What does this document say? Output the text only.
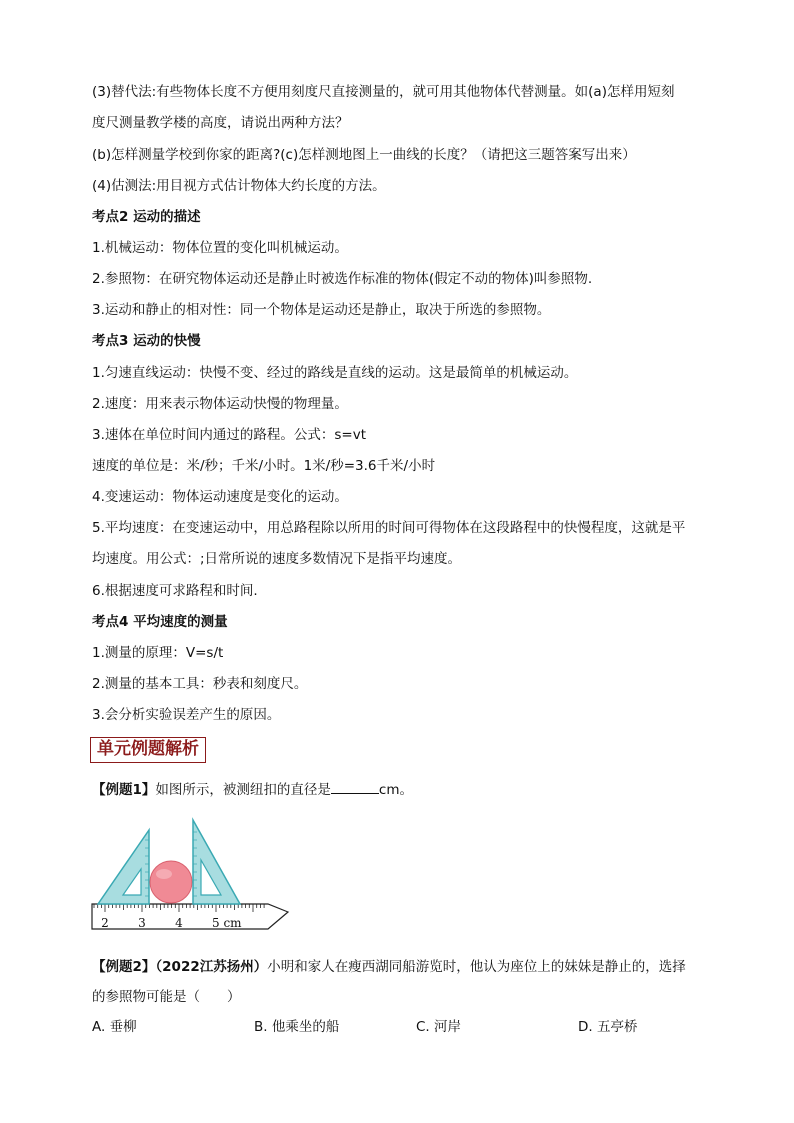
(3)替代法:有些物体长度不方便用刻度尺直接测量的，就可用其他物体代替测量。如(a)怎样用短刻
度尺测量教学楼的高度，请说出两种方法？
(b)怎样测量学校到你家的距离?(c)怎样测地图上一曲线的长度？（请把这三题答案写出来）
(4)估测法:用目视方式估计物体大约长度的方法。
考点2 运动的描述
1.机械运动：物体位置的变化叫机械运动。
2.参照物：在研究物体运动还是静止时被选作标准的物体(假定不动的物体)叫参照物.
3.运动和静止的相对性：同一个物体是运动还是静止，取决于所选的参照物。
考点3 运动的快慢
1.匀速直线运动：快慢不变、经过的路线是直线的运动。这是最简单的机械运动。
2.速度：用来表示物体运动快慢的物理量。
3.速体在单位时间内通过的路程。公式：s=vt
速度的单位是：米/秒；千米/小时。1米/秒=3.6千米/小时
4.变速运动：物体运动速度是变化的运动。
5.平均速度：在变速运动中，用总路程除以所用的时间可得物体在这段路程中的快慢程度，这就是平
均速度。用公式：;日常所说的速度多数情况下是指平均速度。
6.根据速度可求路程和时间.
考点4 平均速度的测量
1.测量的原理：V=s/t
2.测量的基本工具：秒表和刻度尺。
3.会分析实验误差产生的原因。
单元例题解析
【例题1】如图所示，被测纽扣的直径是	cm。
2 3 4 5 cm
【例题2】（2022江苏扬州）小明和家人在瘦西湖同船游览时，他认为座位上的妹妹是静止的，选择
的参照物可能是（　　）
A. 垂柳	B. 他乘坐的船	C. 河岸	D. 五亭桥
